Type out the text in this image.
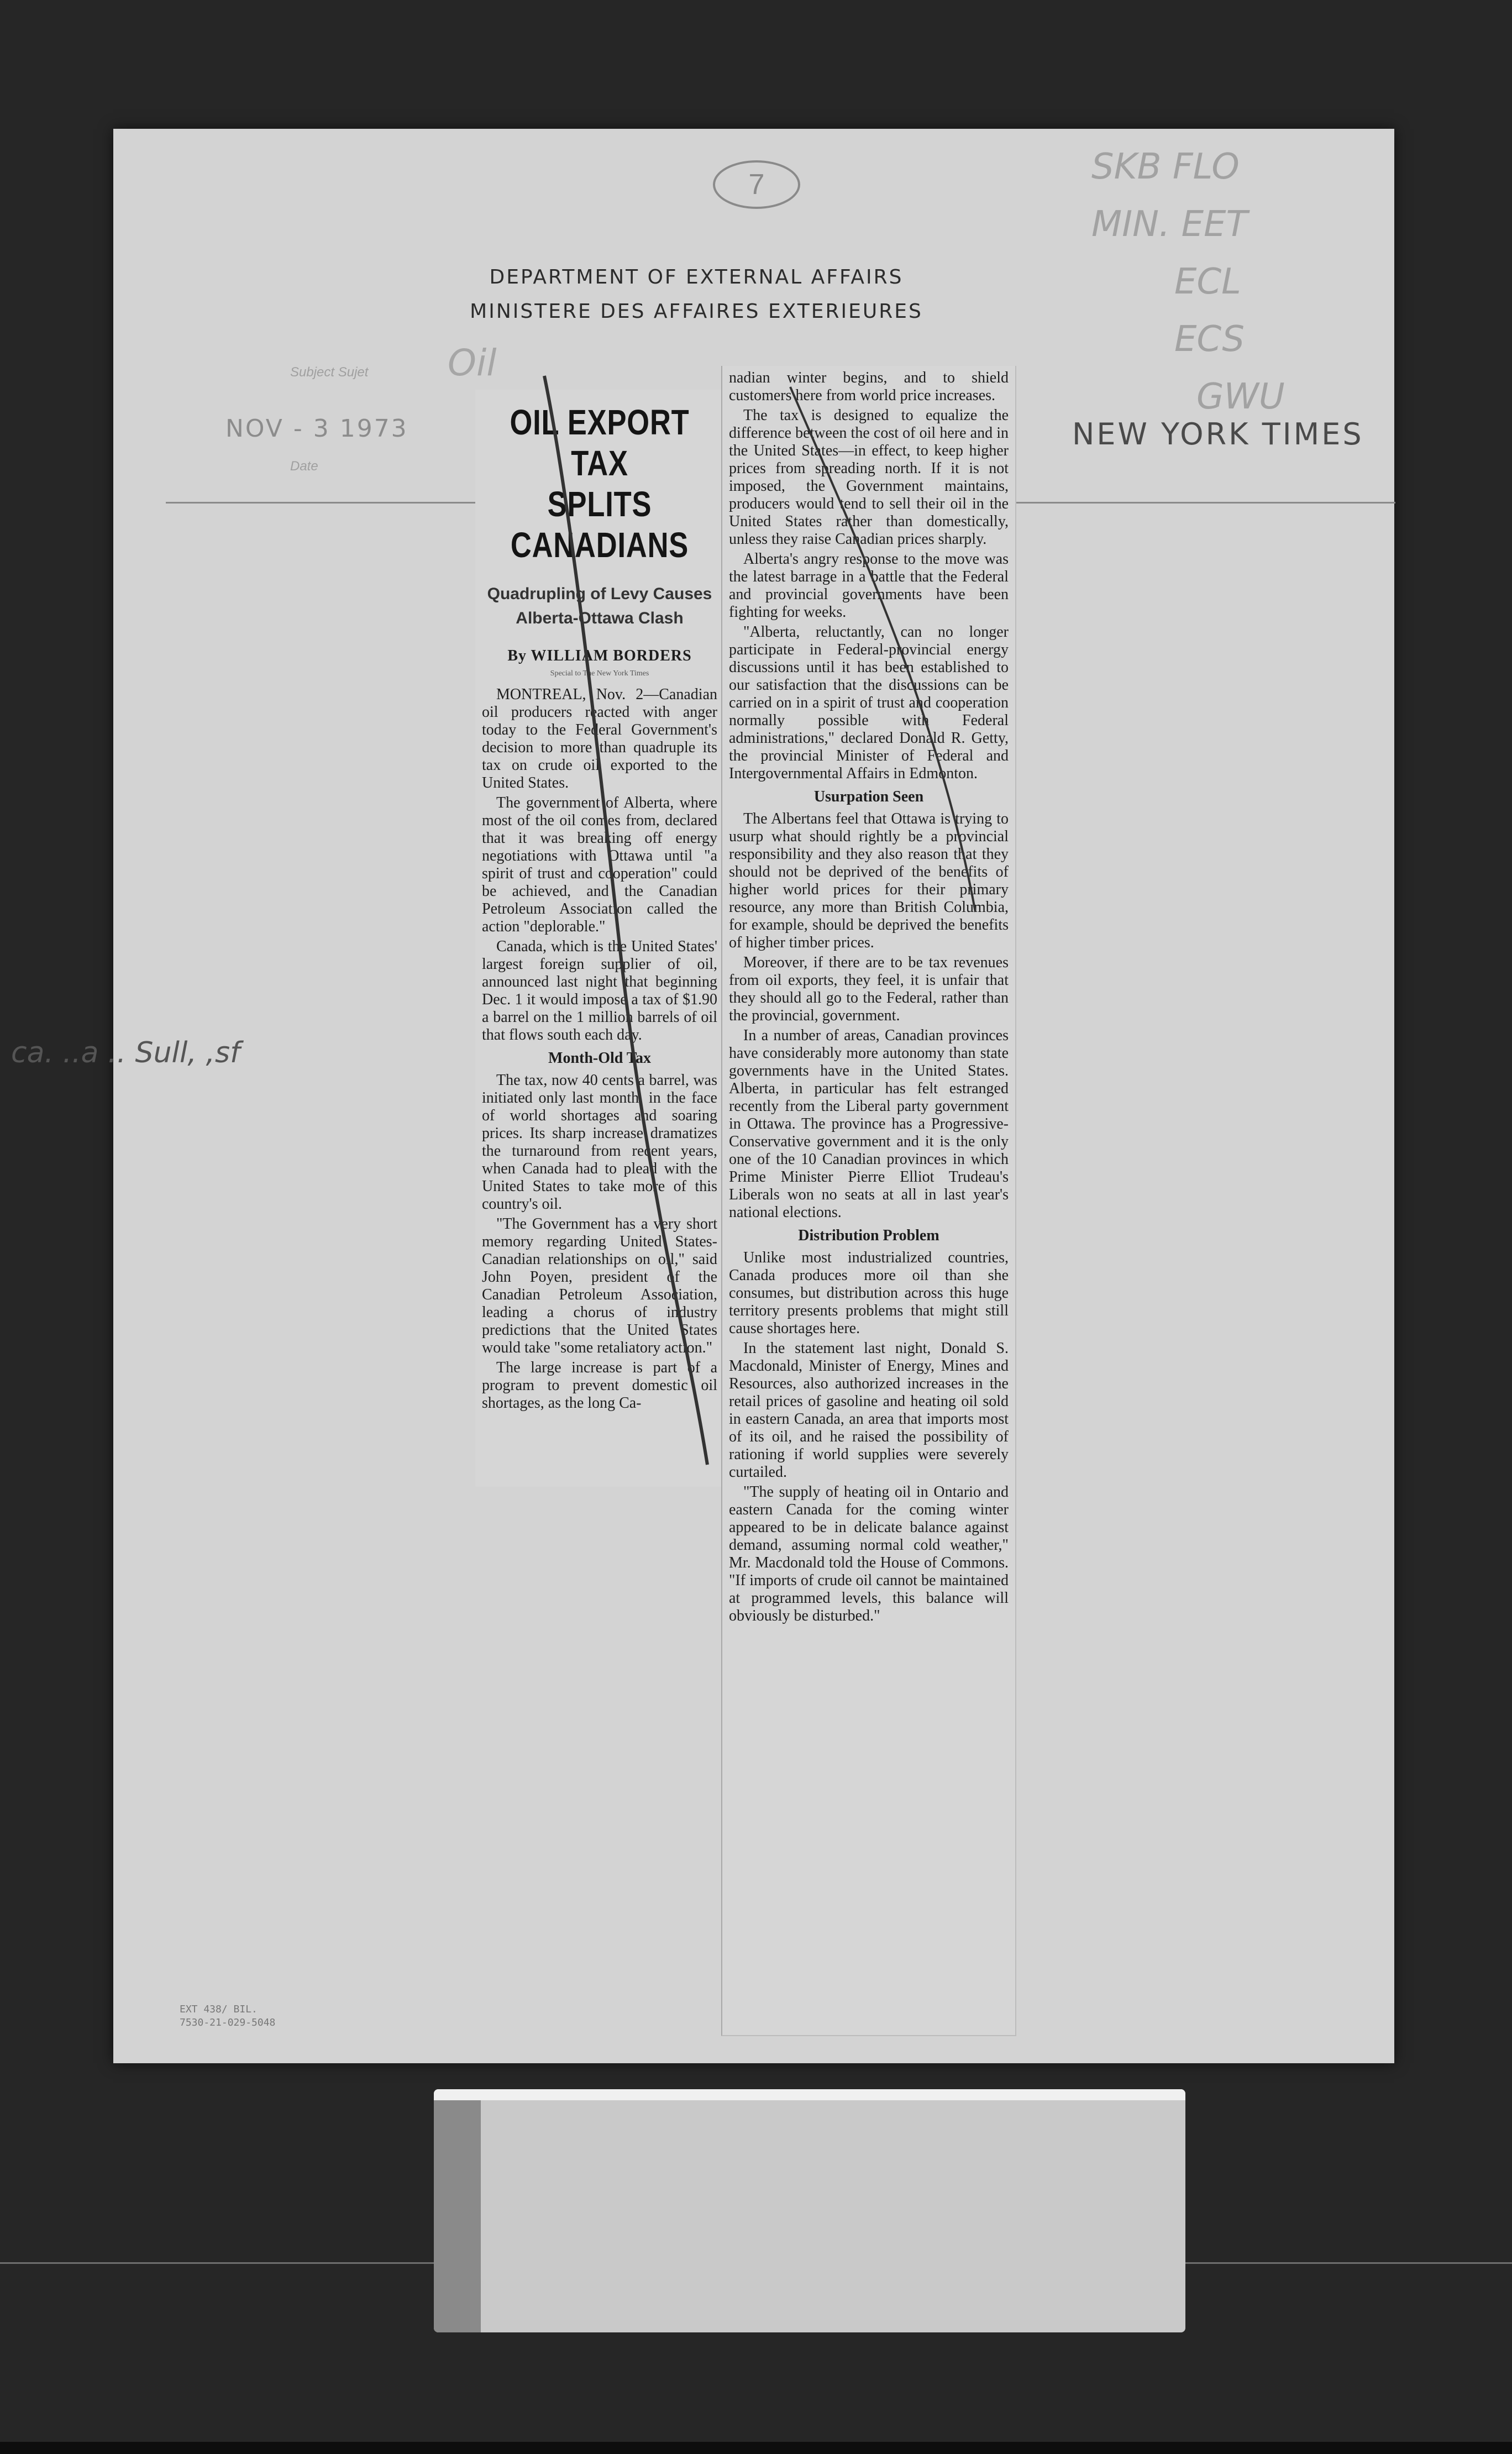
7	SKB FLO
MIN. EET
ECL
ECS
GWU
DEPARTMENT OF EXTERNAL AFFAIRS
MINISTERE DES AFFAIRES EXTERIEURES
Subject Sujet Oil
NOV - 3 1973
Date
NEW YORK TIMES
EXT 438/ BIL.
7530-21-029-5048
ca. ..a .. Sull, ,sf
OIL EXPORT TAX
SPLITS CANADIANS
Quadrupling of Levy Causes
Alberta-Ottawa Clash
By WILLIAM BORDERS
Special to The New York Times

MONTREAL, Nov. 2—Canadian oil producers reacted with anger today to the Federal Government's decision to more than quadruple its tax on crude oil exported to the United States.

The government of Alberta, where most of the oil comes from, declared that it was breaking off energy negotiations with Ottawa until "a spirit of trust and cooperation" could be achieved, and the Canadian Petroleum Association called the action "deplorable."

Canada, which is the United States' largest foreign supplier of oil, announced last night that beginning Dec. 1 it would impose a tax of $1.90 a barrel on the 1 million barrels of oil that flows south each day.

Month-Old Tax

The tax, now 40 cents a barrel, was initiated only last month, in the face of world shortages and soaring prices. Its sharp increase dramatizes the turnaround from recent years, when Canada had to plead with the United States to take more of this country's oil.

"The Government has a very short memory regarding United States-Canadian relationships on oil," said John Poyen, president of the Canadian Petroleum Association, leading a chorus of industry predictions that the United States would take "some retaliatory action."

The large increase is part of a program to prevent domestic oil shortages, as the long Ca-

nadian winter begins, and to shield customers here from world price increases.

The tax is designed to equalize the difference between the cost of oil here and in the United States—in effect, to keep higher prices from spreading north. If it is not imposed, the Government maintains, producers would tend to sell their oil in the United States rather than domestically, unless they raise Canadian prices sharply.

Alberta's angry response to the move was the latest barrage in a battle that the Federal and provincial governments have been fighting for weeks.

"Alberta, reluctantly, can no longer participate in Federal-provincial energy discussions until it has been established to our satisfaction that the discussions can be carried on in a spirit of trust and cooperation normally possible with Federal administrations," declared Donald R. Getty, the provincial Minister of Federal and Intergovernmental Affairs in Edmonton.

Usurpation Seen

The Albertans feel that Ottawa is trying to usurp what should rightly be a provincial responsibility and they also reason that they should not be deprived of the benefits of higher world prices for their primary resource, any more than British Columbia, for example, should be deprived the benefits of higher timber prices.

Moreover, if there are to be tax revenues from oil exports, they feel, it is unfair that they should all go to the Federal, rather than the provincial, government.

In a number of areas, Canadian provinces have considerably more autonomy than state governments have in the United States. Alberta, in particular has felt estranged recently from the Liberal party government in Ottawa. The province has a Progressive-Conservative government and it is the only one of the 10 Canadian provinces in which Prime Minister Pierre Elliot Trudeau's Liberals won no seats at all in last year's national elections.

Distribution Problem

Unlike most industrialized countries, Canada produces more oil than she consumes, but distribution across this huge territory presents problems that might still cause shortages here.

In the statement last night, Donald S. Macdonald, Minister of Energy, Mines and Resources, also authorized increases in the retail prices of gasoline and heating oil sold in eastern Canada, an area that imports most of its oil, and he raised the possibility of rationing if world supplies were severely curtailed.

"The supply of heating oil in Ontario and eastern Canada for the coming winter appeared to be in delicate balance against demand, assuming normal cold weather," Mr. Macdonald told the House of Commons. "If imports of crude oil cannot be maintained at programmed levels, this balance will obviously be disturbed."
